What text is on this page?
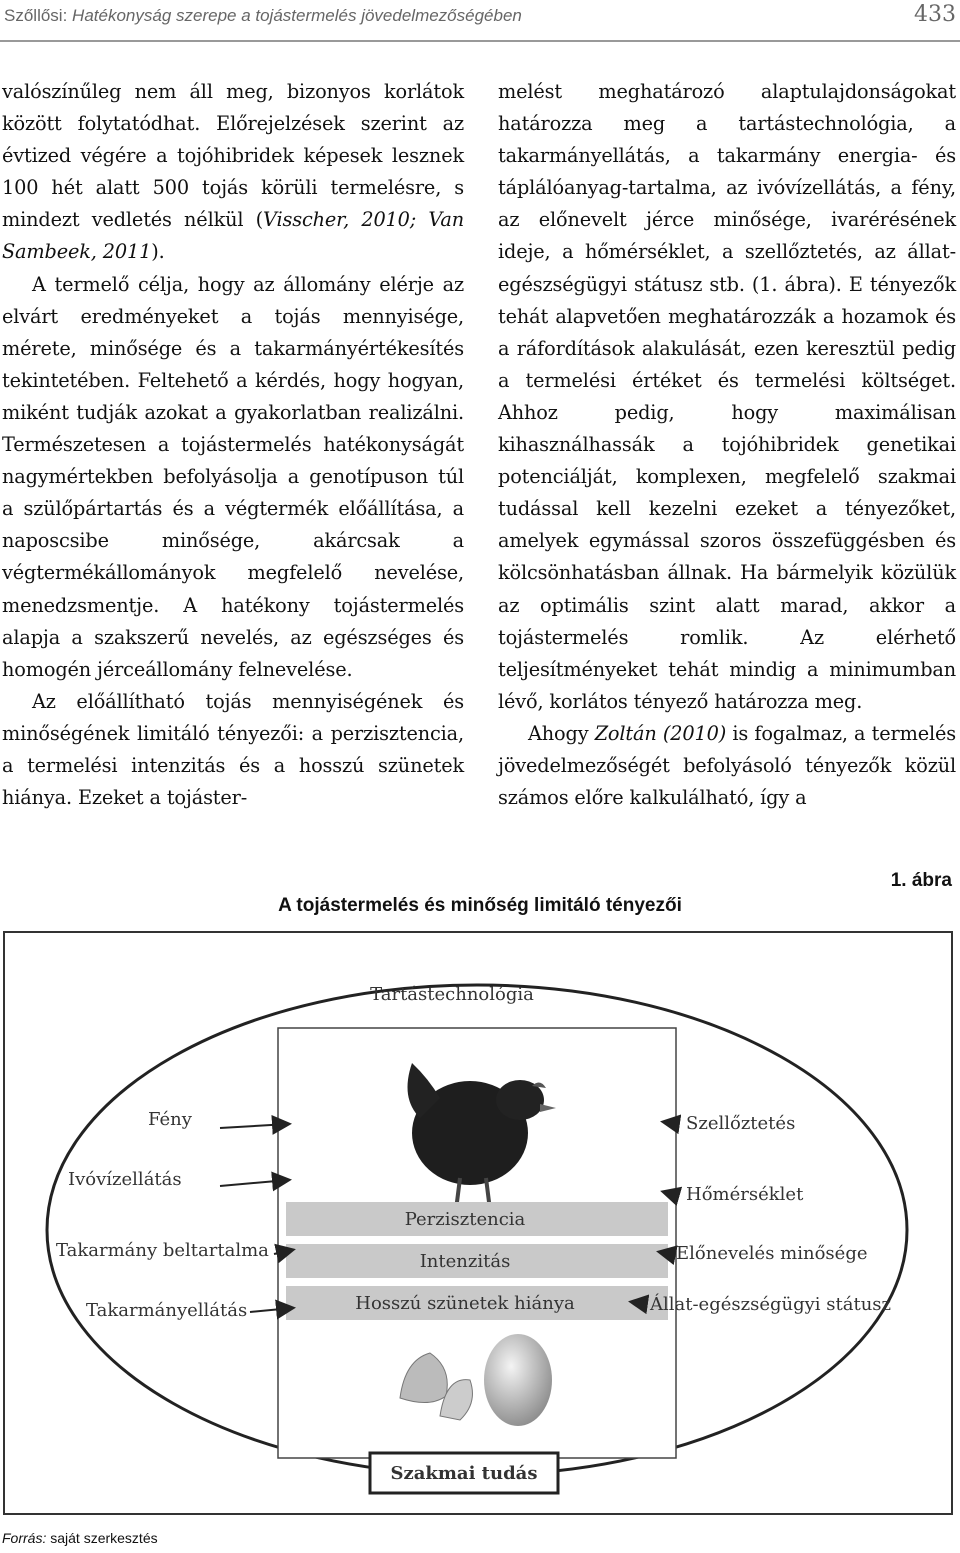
Szőllősi: Hatékonyság szerepe a tojástermelés jövedelmezőségében	433

valószínűleg nem áll meg, bizonyos korlátok között folytatódhat. Előrejelzések szerint az évtized végére a tojóhibridek képesek lesznek 100 hét alatt 500 tojás körüli termelésre, s mindezt vedletés nélkül (Visscher, 2010; Van Sambeek, 2011).

A termelő célja, hogy az állomány elérje az elvárt eredményeket a tojás mennyisége, mérete, minősége és a takarmányértékesítés tekintetében. Feltehető a kérdés, hogy hogyan, miként tudják azokat a gyakorlatban realizálni. Természetesen a tojástermelés hatékonyságát nagymértekben befolyásolja a genotípuson túl a szülőpártartás és a végtermék előállítása, a naposcsibe minősége, akárcsak a végtermékállományok megfelelő nevelése, menedzsmentje. A hatékony tojástermelés alapja a szakszerű nevelés, az egészséges és homogén jérceállomány felnevelése.

Az előállítható tojás mennyiségének és minőségének limitáló tényezői: a perzisztencia, a termelési intenzitás és a hosszú szünetek hiánya. Ezeket a tojáster-

melést meghatározó alaptulajdonságokat határozza meg a tartástechnológia, a takarmányellátás, a takarmány energia- és táplálóanyag-tartalma, az ivóvízellátás, a fény, az előnevelt jérce minősége, ivarérésének ideje, a hőmérséklet, a szellőztetés, az állat-egészségügyi státusz stb. (1. ábra). E tényezők tehát alapvetően meghatározzák a hozamok és a ráfordítások alakulását, ezen keresztül pedig a termelési értéket és termelési költséget. Ahhoz pedig, hogy maximálisan kihasználhassák a tojóhibridek genetikai potenciálját, komplexen, megfelelő szakmai tudással kell kezelni ezeket a tényezőket, amelyek egymással szoros összefüggésben és kölcsönhatásban állnak. Ha bármelyik közülük az optimális szint alatt marad, akkor a tojástermelés romlik. Az elérhető teljesítményeket tehát mindig a minimumban lévő, korlátos tényező határozza meg.

Ahogy Zoltán (2010) is fogalmaz, a termelés jövedelmezőségét befolyásoló tényezők közül számos előre kalkulálható, így a

1. ábra
A tojástermelés és minőség limitáló tényezői
Tartástechnológia
Perzisztencia
Intenzitás
Hosszú szünetek hiánya
Szakmai tudás
Fény
Ivóvízellátás
Takarmány beltartalma
Takarmányellátás
Szellőztetés
Hőmérséklet
Előnevelés minősége
Állat-egészségügyi státusz
Forrás: saját szerkesztés
